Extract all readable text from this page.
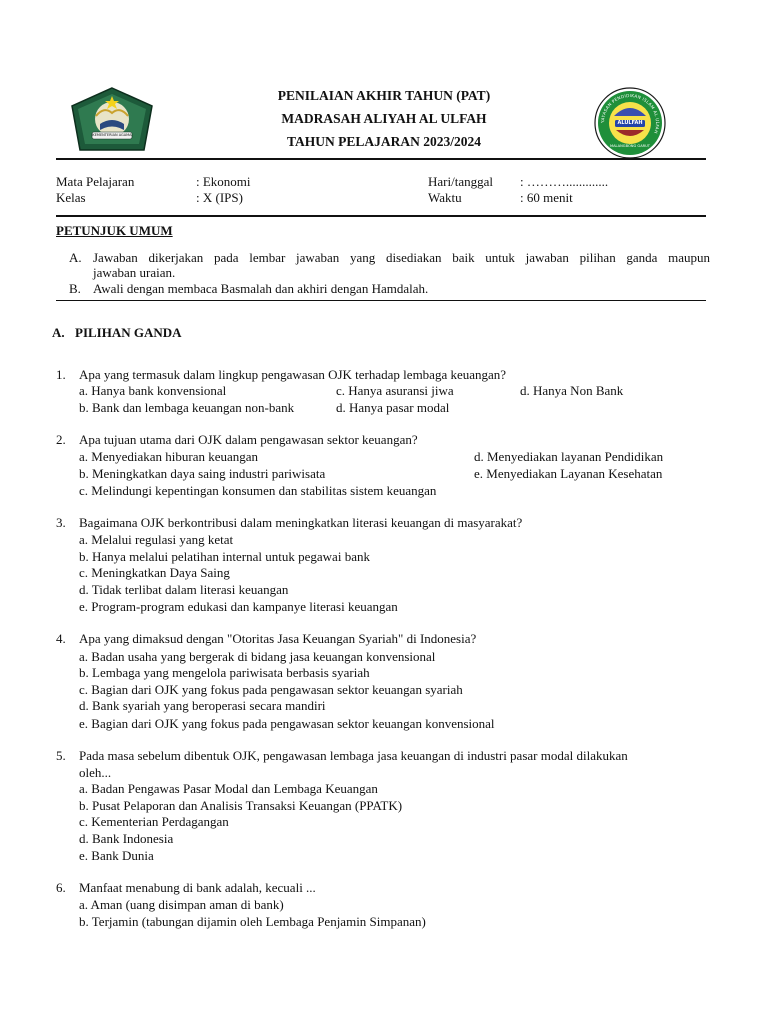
KEMENTERIAN AGAMA
YAYASAN PENDIDIKAN ISLAM AL ULFAH
ALULFAH
MALANGBONG GARUT
PENILAIAN AKHIR TAHUN (PAT)
MADRASAH ALIYAH AL ULFAH
TAHUN PELAJARAN 2023/2024
Mata Pelajaran	: Ekonomi	Hari/tanggal : ……….............
Kelas	: X (IPS)	Waktu	: 60 menit
PETUNJUK UMUM
A. Jawaban dikerjakan pada lembar jawaban yang disediakan baik untuk jawaban pilihan ganda maupun
jawaban uraian.
B. Awali dengan membaca Basmalah dan akhiri dengan Hamdalah.
A. PILIHAN GANDA
1. Apa yang termasuk dalam lingkup pengawasan OJK terhadap lembaga keuangan?
a. Hanya bank konvensional	c. Hanya asuransi jiwa	d. Hanya Non Bank
b. Bank dan lembaga keuangan non-bank	d. Hanya pasar modal
2. Apa tujuan utama dari OJK dalam pengawasan sektor keuangan?
a. Menyediakan hiburan keuangan	d. Menyediakan layanan Pendidikan
b. Meningkatkan daya saing industri pariwisata	e. Menyediakan Layanan Kesehatan
c. Melindungi kepentingan konsumen dan stabilitas sistem keuangan
3. Bagaimana OJK berkontribusi dalam meningkatkan literasi keuangan di masyarakat?
a. Melalui regulasi yang ketat
b. Hanya melalui pelatihan internal untuk pegawai bank
c. Meningkatkan Daya Saing
d. Tidak terlibat dalam literasi keuangan
e. Program-program edukasi dan kampanye literasi keuangan
4. Apa yang dimaksud dengan "Otoritas Jasa Keuangan Syariah" di Indonesia?
a. Badan usaha yang bergerak di bidang jasa keuangan konvensional
b. Lembaga yang mengelola pariwisata berbasis syariah
c. Bagian dari OJK yang fokus pada pengawasan sektor keuangan syariah
d. Bank syariah yang beroperasi secara mandiri
e. Bagian dari OJK yang fokus pada pengawasan sektor keuangan konvensional
5. Pada masa sebelum dibentuk OJK, pengawasan lembaga jasa keuangan di industri pasar modal dilakukan
oleh...
a. Badan Pengawas Pasar Modal dan Lembaga Keuangan
b. Pusat Pelaporan dan Analisis Transaksi Keuangan (PPATK)
c. Kementerian Perdagangan
d. Bank Indonesia
e. Bank Dunia
6. Manfaat menabung di bank adalah, kecuali ...
a. Aman (uang disimpan aman di bank)
b. Terjamin (tabungan dijamin oleh Lembaga Penjamin Simpanan)
